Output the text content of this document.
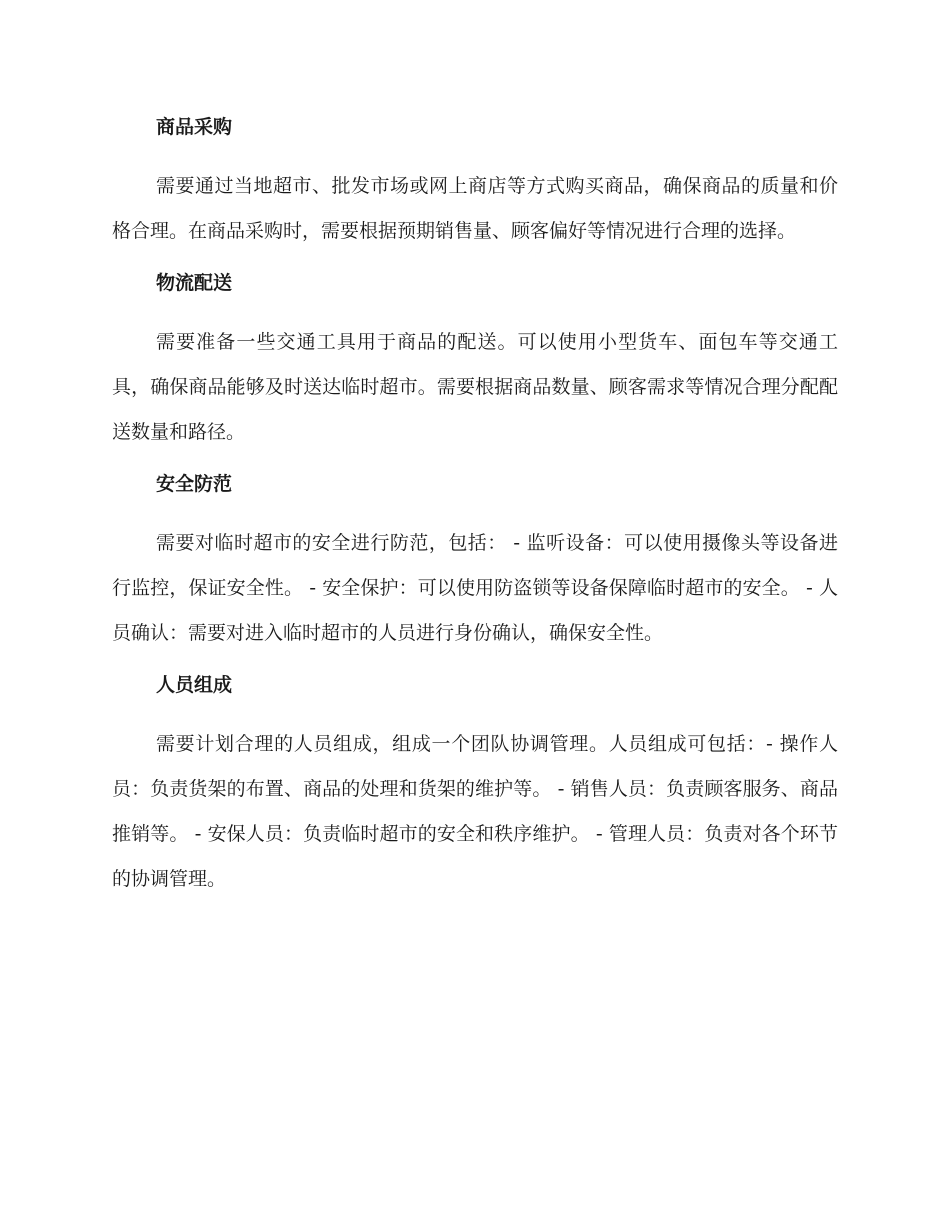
商品采购

需要通过当地超市、批发市场或网上商店等方式购买商品，确保商品的质量和价格合理。在商品采购时，需要根据预期销售量、顾客偏好等情况进行合理的选择。

物流配送

需要准备一些交通工具用于商品的配送。可以使用小型货车、面包车等交通工具，确保商品能够及时送达临时超市。需要根据商品数量、顾客需求等情况合理分配配送数量和路径。

安全防范

需要对临时超市的安全进行防范，包括： - 监听设备：可以使用摄像头等设备进行监控，保证安全性。 - 安全保护：可以使用防盗锁等设备保障临时超市的安全。 - 人员确认：需要对进入临时超市的人员进行身份确认，确保安全性。

人员组成

需要计划合理的人员组成，组成一个团队协调管理。人员组成可包括：- 操作人员：负责货架的布置、商品的处理和货架的维护等。 - 销售人员：负责顾客服务、商品推销等。 - 安保人员：负责临时超市的安全和秩序维护。 - 管理人员：负责对各个环节的协调管理。
